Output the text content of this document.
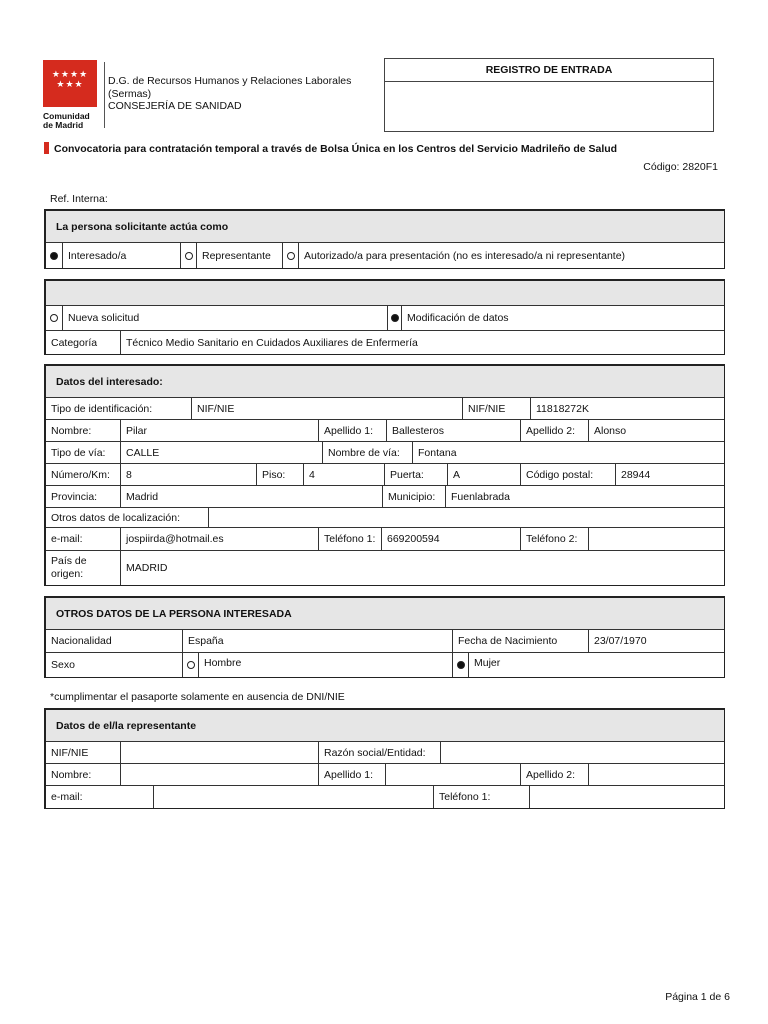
★★★★
★★★
Comunidad de Madrid
D.G. de Recursos Humanos y Relaciones Laborales
(Sermas)
CONSEJERÍA DE SANIDAD
REGISTRO DE ENTRADA
Convocatoria para contratación temporal a través de Bolsa Única en los Centros del Servicio Madrileño de Salud
Código: 2820F1
Ref. Interna:
La persona solicitante actúa como
Interesado/a	Representante	Autorizado/a para presentación (no es interesado/a ni representante)
Nueva solicitud	Modificación de datos
Categoría	Técnico Medio Sanitario en Cuidados Auxiliares de Enfermería
Datos del interesado:
Tipo de identificación:	NIF/NIE	NIF/NIE	11818272K
Nombre:	Pilar	Apellido 1:	Ballesteros	Apellido 2:	Alonso
Tipo de vía:	CALLE	Nombre de vía:	Fontana
Número/Km:	8	Piso:	4	Puerta:	A	Código postal:	28944
Provincia:	Madrid	Municipio:	Fuenlabrada
Otros datos de localización:
e-mail:	jospiirda@hotmail.es	Teléfono 1:	669200594	Teléfono 2:
País de
origen:	MADRID
OTROS DATOS DE LA PERSONA INTERESADA
Nacionalidad	España	Fecha de Nacimiento	23/07/1970
Sexo	Hombre	Mujer
*cumplimentar el pasaporte solamente en ausencia de DNI/NIE
Datos de el/la representante
NIF/NIE	Razón social/Entidad:
Nombre:	Apellido 1:	Apellido 2:
e-mail:	Teléfono 1:
Página 1 de 6
